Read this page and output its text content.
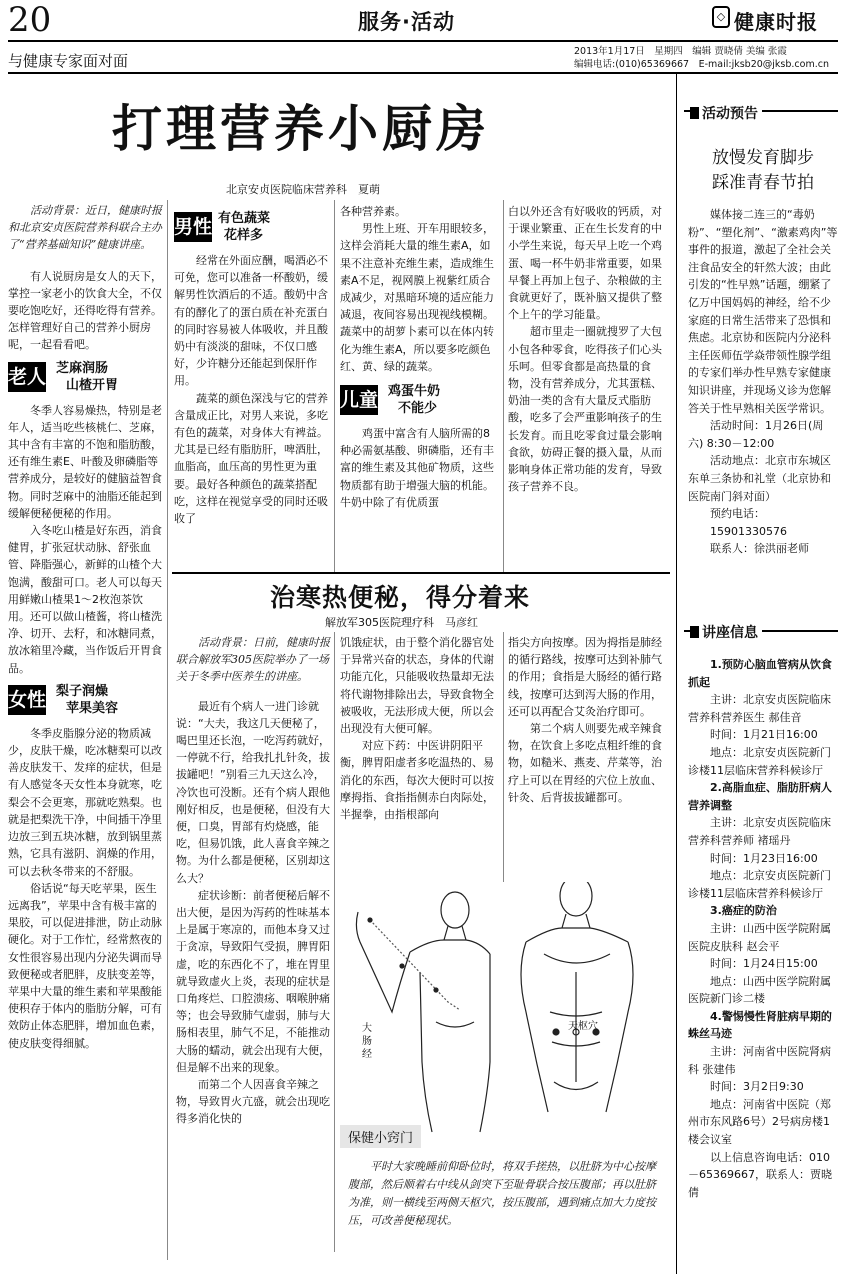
20	服务·活动	◇ 健康时报
与健康专家面对面
2013年1月17日　星期四　编辑 贾晓倩 美编 张霞
编辑电话:(010)65369667　E-mail:jksb20@jksb.com.cn
打理营养小厨房
北京安贞医院临床营养科　夏萌
活动背景：近日，健康时报和北京安贞医院营养科联合主办了“营养基础知识”健康讲座。
有人说厨房是女人的天下，掌控一家老小的饮食大全，不仅要吃饱吃好，还得吃得有营养。怎样管理好自己的营养小厨房呢，一起看看吧。
老人 芝麻润肠
山楂开胃
冬季人容易燥热，特别是老年人，适当吃些核桃仁、芝麻，其中含有丰富的不饱和脂肪酸，还有维生素E、叶酸及卵磷脂等营养成分，是较好的健脑益智食物。同时芝麻中的油脂还能起到缓解便秘便秘的作用。
入冬吃山楂是好东西，消食健胃，扩张冠状动脉、舒张血管、降脂强心，新鲜的山楂个大饱满，酸甜可口。老人可以每天用鲜嫩山楂果1～2枚泡茶饮用。还可以做山楂酱，将山楂洗净、切开、去籽，和冰糖同煮，放冰箱里冷藏，当作饭后开胃食品。
女性 梨子润燥
苹果美容
冬季皮脂腺分泌的物质减少，皮肤干燥，吃冰糖梨可以改善皮肤发干、发痒的症状，但是有人感觉冬天女性本身就寒，吃梨会不会更寒，那就吃熟梨。也就是把梨洗干净，中间插干净里边放三到五块冰糖，放到锅里蒸熟，它具有滋阴、润燥的作用，可以去秋冬带来的不舒服。
俗话说“每天吃苹果，医生远离我”，苹果中含有极丰富的果胶，可以促进排泄，防止动脉硬化。对于工作忙，经常熬夜的女性很容易出现内分泌失调而导致便秘或者肥胖，皮肤变差等，苹果中大量的维生素和苹果酸能使积存于体内的脂肪分解，可有效防止体态肥胖，增加血色素，使皮肤变得细腻。
男性 有色蔬菜
花样多
经常在外面应酬，喝酒必不可免，您可以准备一杯酸奶，缓解男性饮酒后的不适。酸奶中含有的酵化了的蛋白质在补充蛋白的同时容易被人体吸收，并且酸奶中有淡淡的甜味，不仅口感好，少许糖分还能起到保肝作用。
蔬菜的颜色深浅与它的营养含量成正比，对男人来说，多吃有色的蔬菜，对身体大有裨益。尤其是已经有脂肪肝，啤酒肚，血脂高，血压高的男性更为重要。最好各种颜色的蔬菜搭配吃，这样在视觉享受的同时还吸收了
各种营养素。
男性上班、开车用眼较多，这样会消耗大量的维生素A，如果不注意补充维生素，造成维生素A不足，视网膜上视紫红质合成减少，对黑暗环境的适应能力减退，夜间容易出现视线模糊。蔬菜中的胡萝卜素可以在体内转化为维生素A，所以要多吃颜色红、黄、绿的蔬菜。
儿童 鸡蛋牛奶
不能少
鸡蛋中富含有人脑所需的8种必需氨基酸、卵磷脂，还有丰富的维生素及其他矿物质，这些物质都有助于增强大脑的机能。牛奶中除了有优质蛋
白以外还含有好吸收的钙质，对于课业繁重、正在生长发育的中小学生来说，每天早上吃一个鸡蛋、喝一杯牛奶非常重要，如果早餐上再加上包子、杂粮做的主食就更好了，既补脑又提供了整个上午的学习能量。
超市里走一圈就搜罗了大包小包各种零食，吃得孩子们心头乐呵。但零食都是高热量的食物，没有营养成分，尤其蛋糕、奶油一类的含有大量反式脂肪酸，吃多了会严重影响孩子的生长发育。而且吃零食过量会影响食欲，妨碍正餐的摄入量，从而影响身体正常功能的发育，导致孩子营养不良。
治寒热便秘，得分着来
解放军305医院理疗科　马彦红
活动背景：日前，健康时报联合解放军305医院举办了一场关于冬季中医养生的讲座。
最近有个病人一进门诊就说：“大夫，我这几天便秘了，喝巴里还长泡，一吃泻药就好，一停就不行，给我扎扎针灸，拔拔罐吧！”别看三九天这么冷，冷饮也可没断。还有个病人跟他刚好相反，也是便秘，但没有大便，口臭，胃部有灼烧感，能吃，但易饥饿，此人喜食辛辣之物。为什么都是便秘，区别却这么大？
症状诊断：前者便秘后解不出大便，是因为泻药的性味基本上是属于寒凉的，而他本身又过于贪凉，导致阳气受损，脾胃阳虚，吃的东西化不了，堆在胃里就导致虚火上炎，表现的症状是口角疼烂、口腔溃疡、咽喉肿痛等；也会导致肺气虚弱，肺与大肠相表里，肺气不足，不能推动大肠的蠕动，就会出现有大便，但是解不出来的现象。
而第二个人因喜食辛辣之物，导致胃火亢盛，就会出现吃得多消化快的
饥饿症状，由于整个消化器官处于异常兴奋的状态，身体的代谢功能亢化，只能吸收热量却无法将代谢物排除出去，导致食物全被吸收，无法形成大便，所以会出现没有大便可解。
对应下药：中医讲阴阳平衡，脾胃阳虚者多吃温热的、易消化的东西，每次大便时可以按摩拇指、食指指侧赤白肉际处，半握拳，由指根部向
指尖方向按摩。因为拇指是肺经的循行路线，按摩可达到补肺气的作用；食指是大肠经的循行路线，按摩可达到泻大肠的作用，还可以再配合艾灸治疗即可。
第二个病人则要先戒辛辣食物，在饮食上多吃点粗纤维的食物，如糙米、燕麦、芹菜等，治疗上可以在胃经的穴位上放血、针灸、后背拔拔罐都可。
大肠经
天枢穴
保健小窍门
平时大家晚睡前仰卧位时，将双手搓热，以肚脐为中心按摩腹部，然后顺着右中线从剑突下至耻骨联合按压腹部；再以肚脐为准，则一横线至两侧天枢穴，按压腹部，遇到痛点加大力度按压，可改善便秘现状。
活动预告
放慢发育脚步
踩准青春节拍
媒体接二连三的“毒奶粉”、“塑化剂”、“激素鸡肉”等事件的报道，激起了全社会关注食品安全的轩然大波；由此引发的“性早熟”话题，绷紧了亿万中国妈妈的神经，给不少家庭的日常生活带来了恐惧和焦虑。北京协和医院内分泌科主任医师伍学焱带领性腺学组的专家们举办性早熟专家健康知识讲座，并现场义诊为您解答关于性早熟相关医学常识。
活动时间：1月26日(周六) 8:30－12:00
活动地点：北京市东城区东单三条协和礼堂（北京协和医院南门斜对面）
预约电话：
15901330576
联系人：徐洪丽老师
讲座信息
1.预防心脑血管病从饮食抓起
主讲：北京安贞医院临床营养科营养医生 郝佳音
时间：1月21日16:00
地点：北京安贞医院新门诊楼11层临床营养科候诊厅
2.高脂血症、脂肪肝病人营养调整
主讲：北京安贞医院临床营养科营养师 褚瑶丹
时间：1月23日16:00
地点：北京安贞医院新门诊楼11层临床营养科候诊厅
3.癌症的防治
主讲：山西中医学院附属医院皮肤科 赵会平
时间：1月24日15:00
地点：山西中医学院附属医院新门诊二楼
4.警惕慢性肾脏病早期的蛛丝马迹
主讲：河南省中医院肾病科 张建伟
时间：3月2日9:30
地点：河南省中医院（郑州市东风路6号）2号病房楼1楼会议室
以上信息咨询电话：010－65369667，联系人：贾晓倩
